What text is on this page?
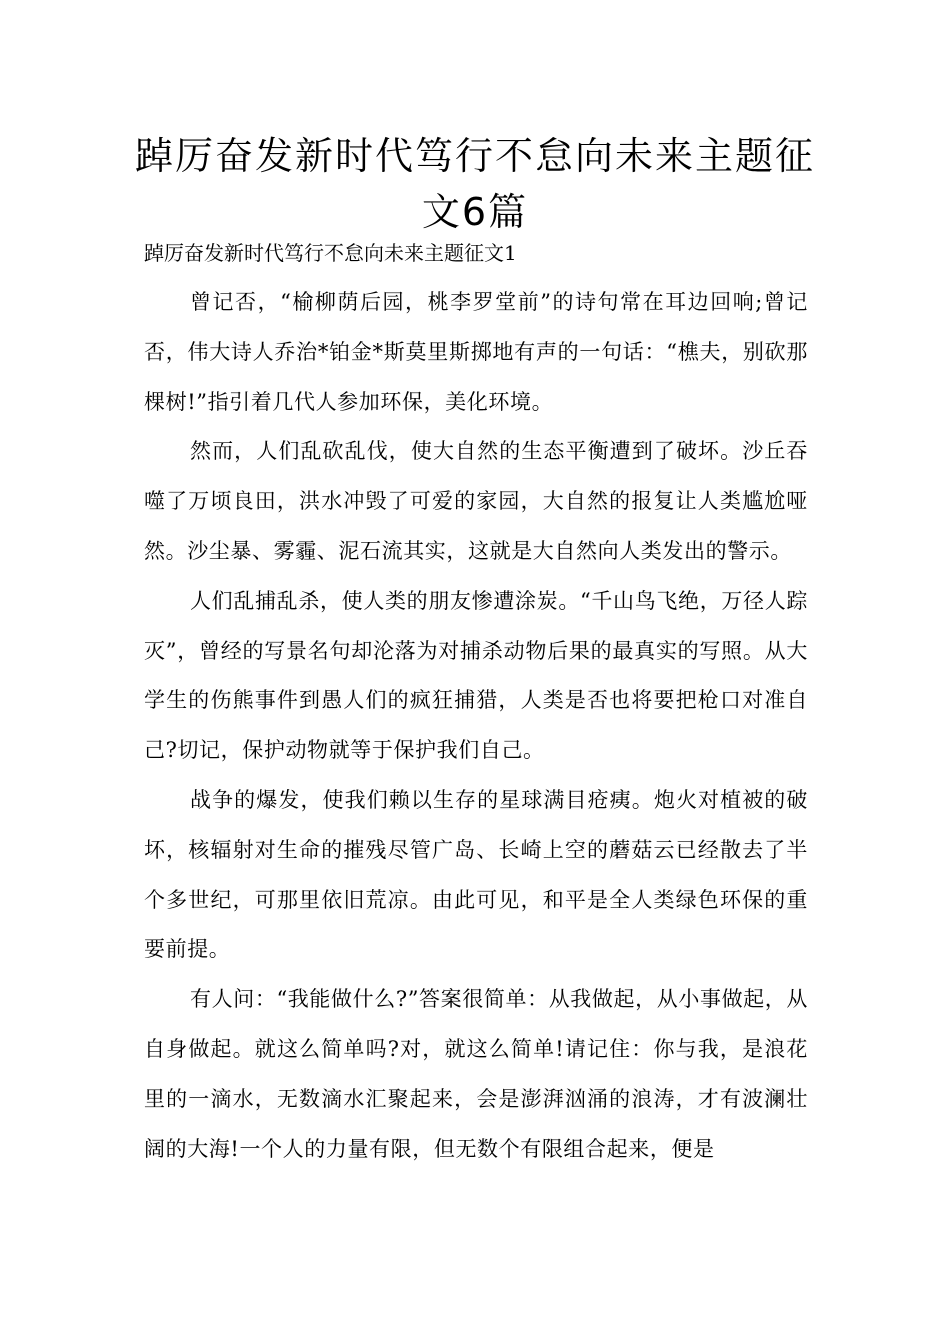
踔厉奋发新时代笃行不怠向未来主题征文6篇
踔厉奋发新时代笃行不怠向未来主题征文1

曾记否，“榆柳荫后园，桃李罗堂前”的诗句常在耳边回响;曾记否，伟大诗人乔治*铂金*斯莫里斯掷地有声的一句话：“樵夫，别砍那棵树!”指引着几代人参加环保，美化环境。

然而，人们乱砍乱伐，使大自然的生态平衡遭到了破坏。沙丘吞噬了万顷良田，洪水冲毁了可爱的家园，大自然的报复让人类尴尬哑然。沙尘暴、雾霾、泥石流其实，这就是大自然向人类发出的警示。

人们乱捕乱杀，使人类的朋友惨遭涂炭。“千山鸟飞绝，万径人踪灭”，曾经的写景名句却沦落为对捕杀动物后果的最真实的写照。从大学生的伤熊事件到愚人们的疯狂捕猎，人类是否也将要把枪口对准自己?切记，保护动物就等于保护我们自己。

战争的爆发，使我们赖以生存的星球满目疮痍。炮火对植被的破坏，核辐射对生命的摧残尽管广岛、长崎上空的蘑菇云已经散去了半个多世纪，可那里依旧荒凉。由此可见，和平是全人类绿色环保的重要前提。

有人问：“我能做什么?”答案很简单：从我做起，从小事做起，从自身做起。就这么简单吗?对，就这么简单!请记住：你与我，是浪花里的一滴水，无数滴水汇聚起来，会是澎湃汹涌的浪涛，才有波澜壮阔的大海!一个人的力量有限，但无数个有限组合起来，便是
